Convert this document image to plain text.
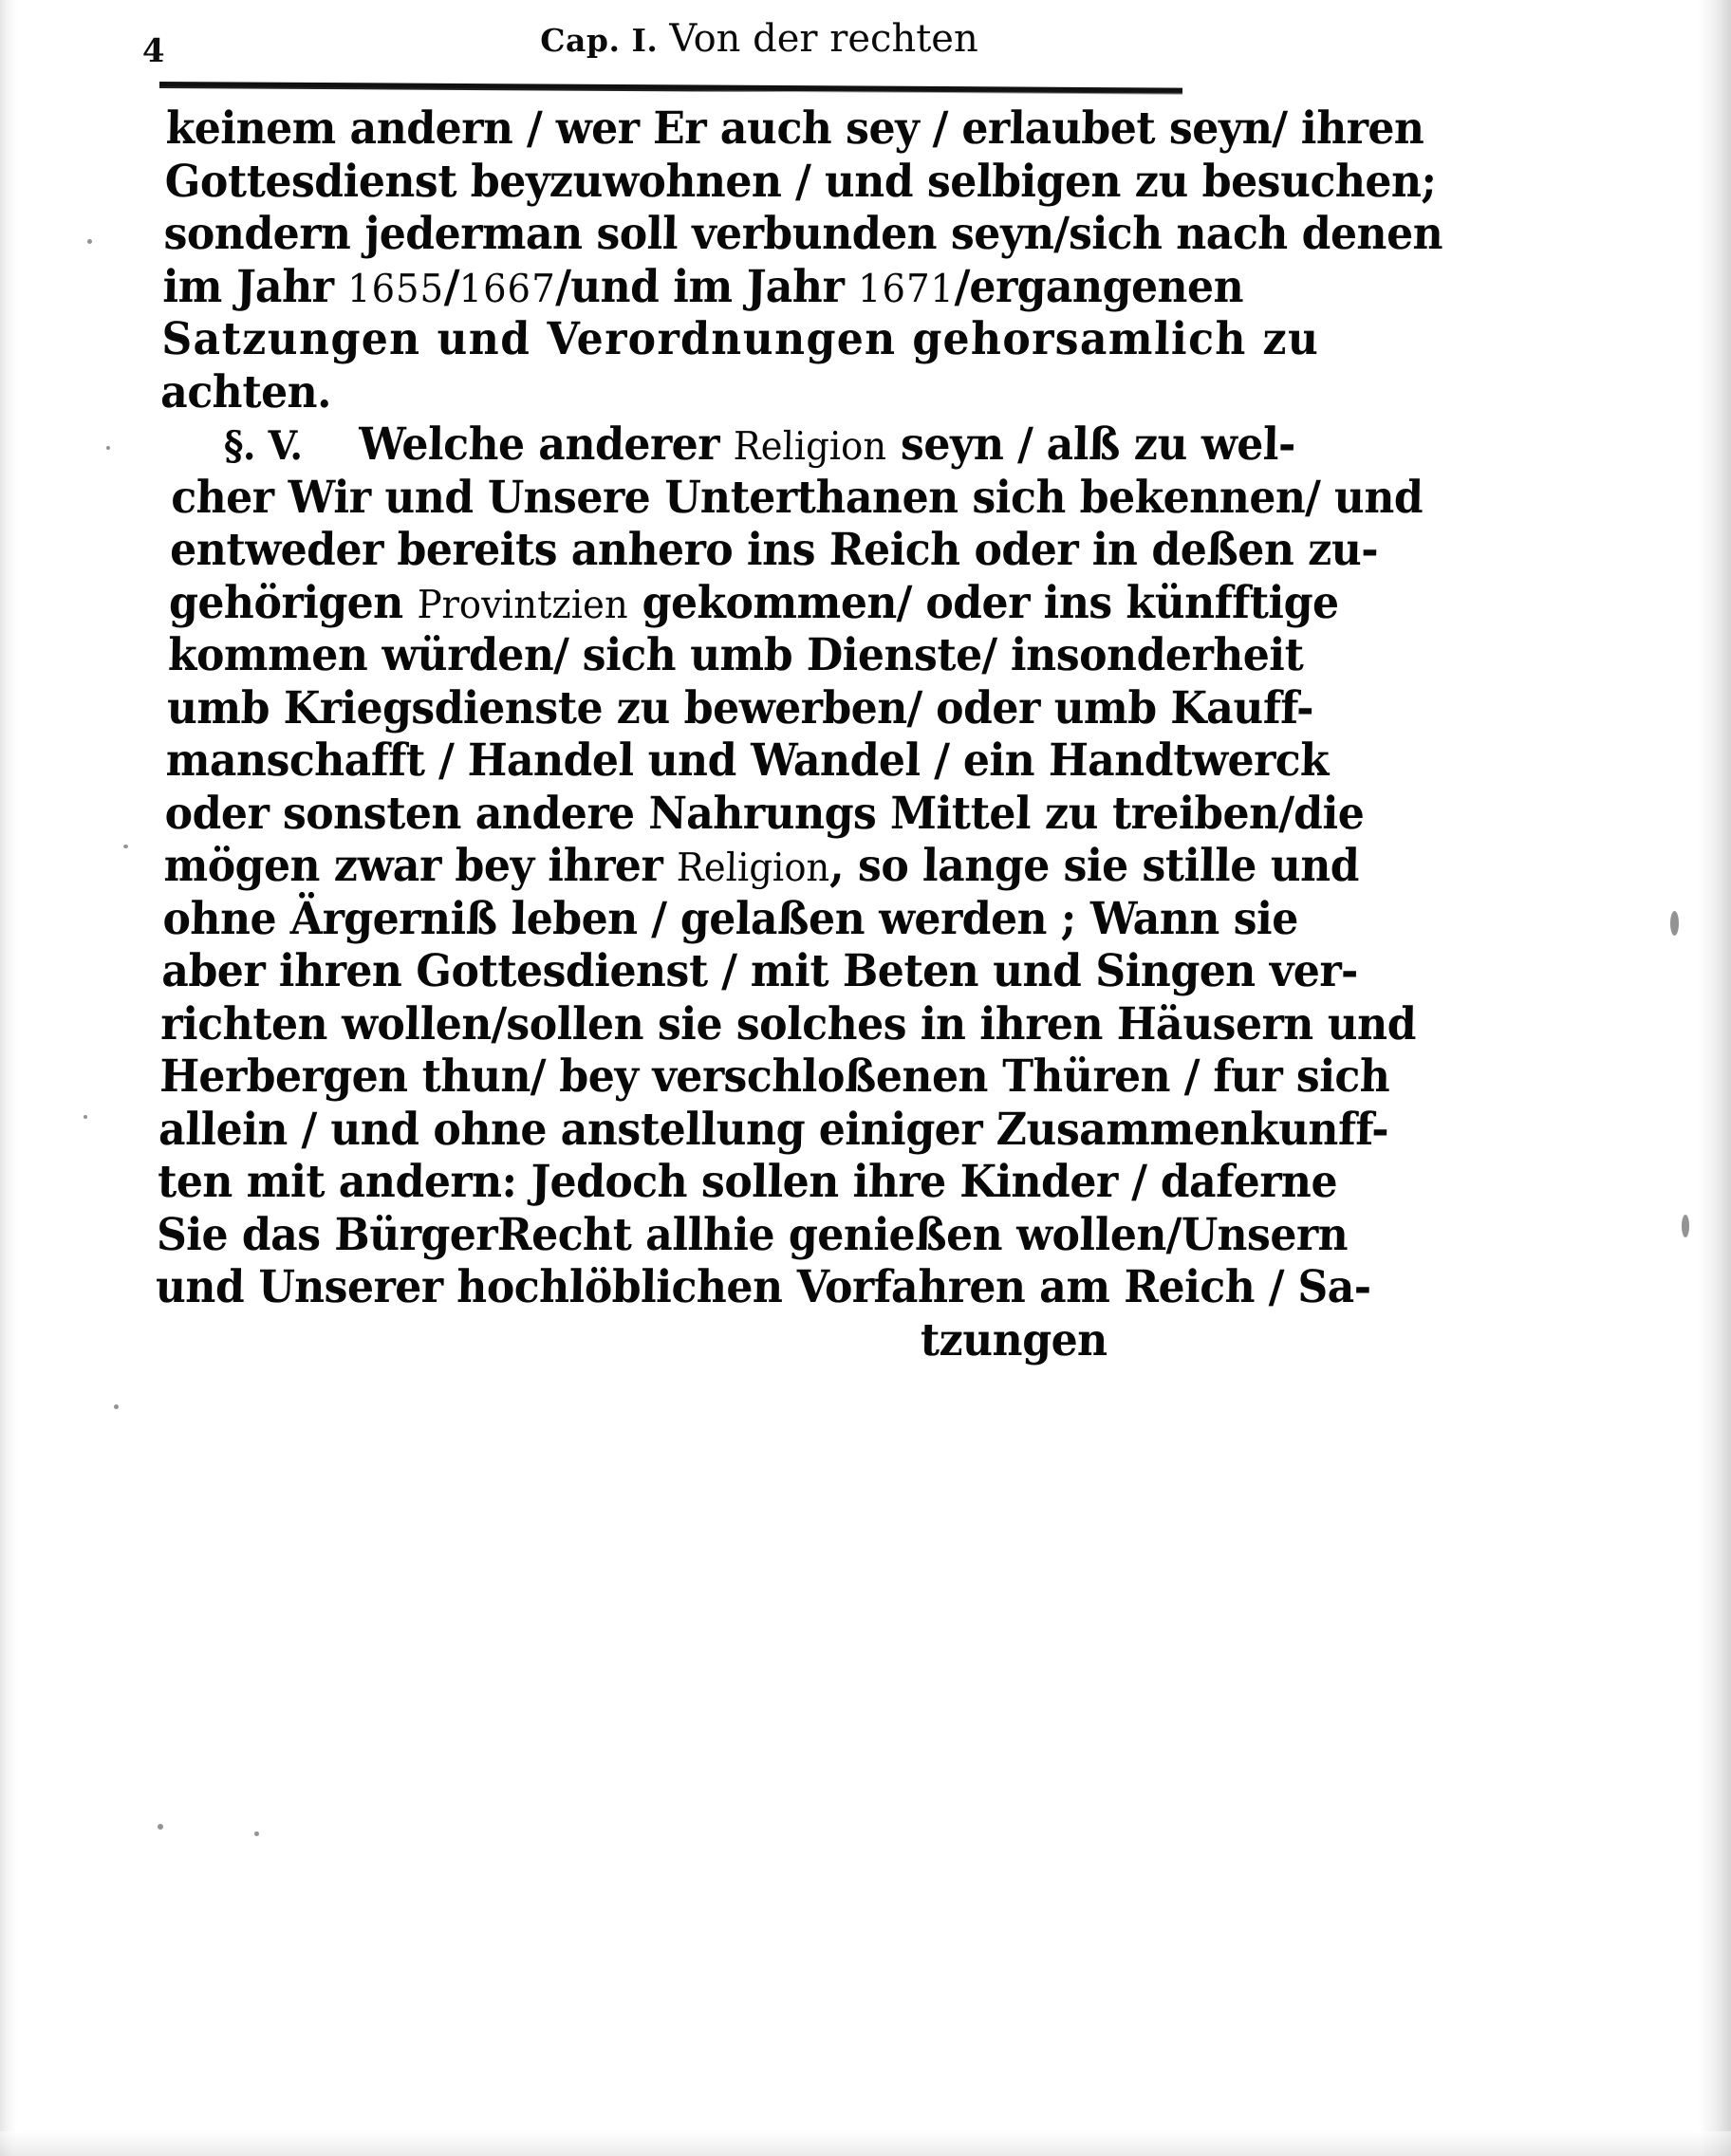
4	Cap. I. Von der rechten
keinem andern / wer Er auch sey / erlaubet seyn/ ihren
Gottesdienst beyzuwohnen / und selbigen zu besuchen;
sondern jederman soll verbunden seyn/sich nach denen
im Jahr 1655/1667/und im Jahr 1671/ergangenen
Satzungen und Verordnungen gehorsamlich zu
achten.
§. V. Welche anderer Religion seyn / alß zu wel-
cher Wir und Unsere Unterthanen sich bekennen/ und
entweder bereits anhero ins Reich oder in deßen zu-
gehörigen Provintzien gekommen/ oder ins künfftige
kommen würden/ sich umb Dienste/ insonderheit
umb Kriegsdienste zu bewerben/ oder umb Kauff-
manschafft / Handel und Wandel / ein Handtwerck
oder sonsten andere Nahrungs Mittel zu treiben/die
mögen zwar bey ihrer Religion, so lange sie stille und
ohne Ärgerniß leben / gelaßen werden ; Wann sie
aber ihren Gottesdienst / mit Beten und Singen ver-
richten wollen/sollen sie solches in ihren Häusern und
Herbergen thun/ bey verschloßenen Thüren / fur sich
allein / und ohne anstellung einiger Zusammenkunff-
ten mit andern: Jedoch sollen ihre Kinder / daferne
Sie das BürgerRecht allhie genießen wollen/Unsern
und Unserer hochlöblichen Vorfahren am Reich / Sa-
tzungen
